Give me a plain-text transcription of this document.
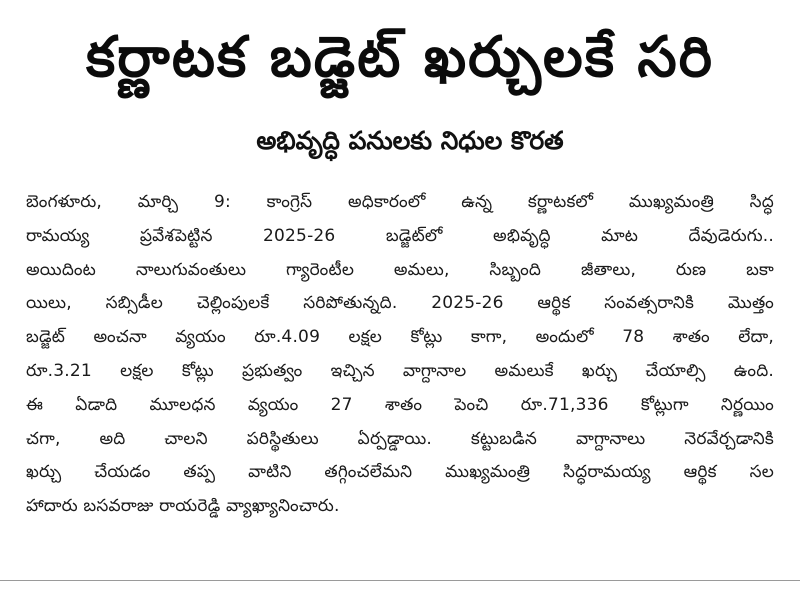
కర్ణాటక బడ్జెట్ ఖర్చులకే సరి
అభివృద్ధి పనులకు నిధుల కొరత
బెంగళూరు, మార్చి 9: కాంగ్రెస్ అధికారంలో ఉన్న కర్ణాటకలో ముఖ్యమంత్రి సిద్ధ
రామయ్య ప్రవేశపెట్టిన 2025-26 బడ్జెట్‌లో అభివృద్ధి మాట దేవుడెరుగు..
అయిదింట నాలుగువంతులు గ్యారెంటీల అమలు, సిబ్బంది జీతాలు, రుణ బకా
యిలు, సబ్సిడీల చెల్లింపులకే సరిపోతున్నది. 2025-26 ఆర్థిక సంవత్సరానికి మొత్తం
బడ్జెట్ అంచనా వ్యయం రూ.4.09 లక్షల కోట్లు కాగా, అందులో 78 శాతం లేదా,
రూ.3.21 లక్షల కోట్లు ప్రభుత్వం ఇచ్చిన వాగ్దానాల అమలుకే ఖర్చు చేయాల్సి ఉంది.
ఈ ఏడాది మూలధన వ్యయం 27 శాతం పెంచి రూ.71,336 కోట్లుగా నిర్ణయిం
చగా, అది చాలని పరిస్థితులు ఏర్పడ్డాయి. కట్టుబడిన వాగ్దానాలు నెరవేర్చడానికి
ఖర్చు చేయడం తప్ప వాటిని తగ్గించలేమని ముఖ్యమంత్రి సిద్ధరామయ్య ఆర్థిక సల
హాదారు బసవరాజు రాయరెడ్డి వ్యాఖ్యానించారు.
